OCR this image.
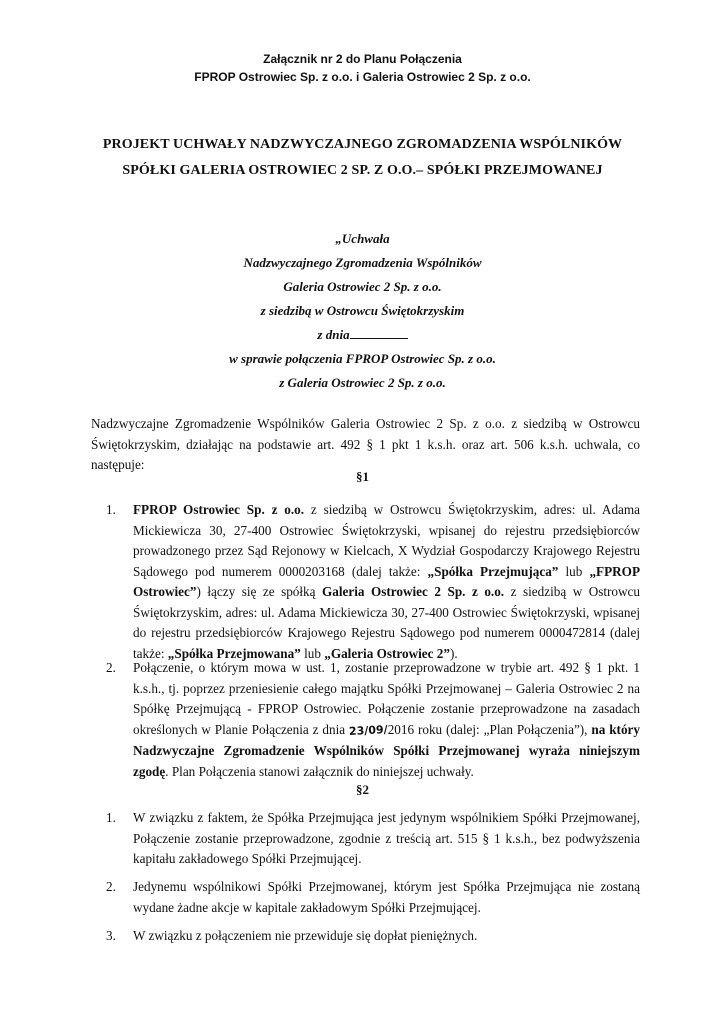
Załącznik nr 2 do Planu Połączenia
FPROP Ostrowiec Sp. z o.o. i Galeria Ostrowiec 2 Sp. z o.o.
PROJEKT UCHWAŁY NADZWYCZAJNEGO ZGROMADZENIA WSPÓLNIKÓW
SPÓŁKI GALERIA OSTROWIEC 2 SP. Z O.O.– SPÓŁKI PRZEJMOWANEJ
„Uchwała
Nadzwyczajnego Zgromadzenia Wspólników
Galeria Ostrowiec 2 Sp. z o.o.
z siedzibą w Ostrowcu Świętokrzyskim
z dnia
w sprawie połączenia FPROP Ostrowiec Sp. z o.o.
z Galeria Ostrowiec 2 Sp. z o.o.
Nadzwyczajne Zgromadzenie Wspólników Galeria Ostrowiec 2 Sp. z o.o. z siedzibą w Ostrowcu Świętokrzyskim, działając na podstawie art. 492 § 1 pkt 1 k.s.h. oraz art. 506 k.s.h. uchwala, co następuje:
§1
1. FPROP Ostrowiec Sp. z o.o. z siedzibą w Ostrowcu Świętokrzyskim, adres: ul. Adama Mickiewicza 30, 27-400 Ostrowiec Świętokrzyski, wpisanej do rejestru przedsiębiorców prowadzonego przez Sąd Rejonowy w Kielcach, X Wydział Gospodarczy Krajowego Rejestru Sądowego pod numerem 0000203168 (dalej także: „Spółka Przejmująca” lub „FPROP Ostrowiec”) łączy się ze spółką Galeria Ostrowiec 2 Sp. z o.o. z siedzibą w Ostrowcu Świętokrzyskim, adres: ul. Adama Mickiewicza 30, 27-400 Ostrowiec Świętokrzyski, wpisanej do rejestru przedsiębiorców Krajowego Rejestru Sądowego pod numerem 0000472814 (dalej także: „Spółka Przejmowana” lub „Galeria Ostrowiec 2”).
2. Połączenie, o którym mowa w ust. 1, zostanie przeprowadzone w trybie art. 492 § 1 pkt. 1 k.s.h., tj. poprzez przeniesienie całego majątku Spółki Przejmowanej – Galeria Ostrowiec 2 na Spółkę Przejmującą - FPROP Ostrowiec. Połączenie zostanie przeprowadzone na zasadach określonych w Planie Połączenia z dnia 23/09/2016 roku (dalej: „Plan Połączenia”), na który Nadzwyczajne Zgromadzenie Wspólników Spółki Przejmowanej wyraża niniejszym zgodę. Plan Połączenia stanowi załącznik do niniejszej uchwały.
§2
1. W związku z faktem, że Spółka Przejmująca jest jedynym wspólnikiem Spółki Przejmowanej, Połączenie zostanie przeprowadzone, zgodnie z treścią art. 515 § 1 k.s.h., bez podwyższenia kapitału zakładowego Spółki Przejmującej.
2. Jedynemu wspólnikowi Spółki Przejmowanej, którym jest Spółka Przejmująca nie zostaną wydane żadne akcje w kapitale zakładowym Spółki Przejmującej.
3. W związku z połączeniem nie przewiduje się dopłat pieniężnych.
